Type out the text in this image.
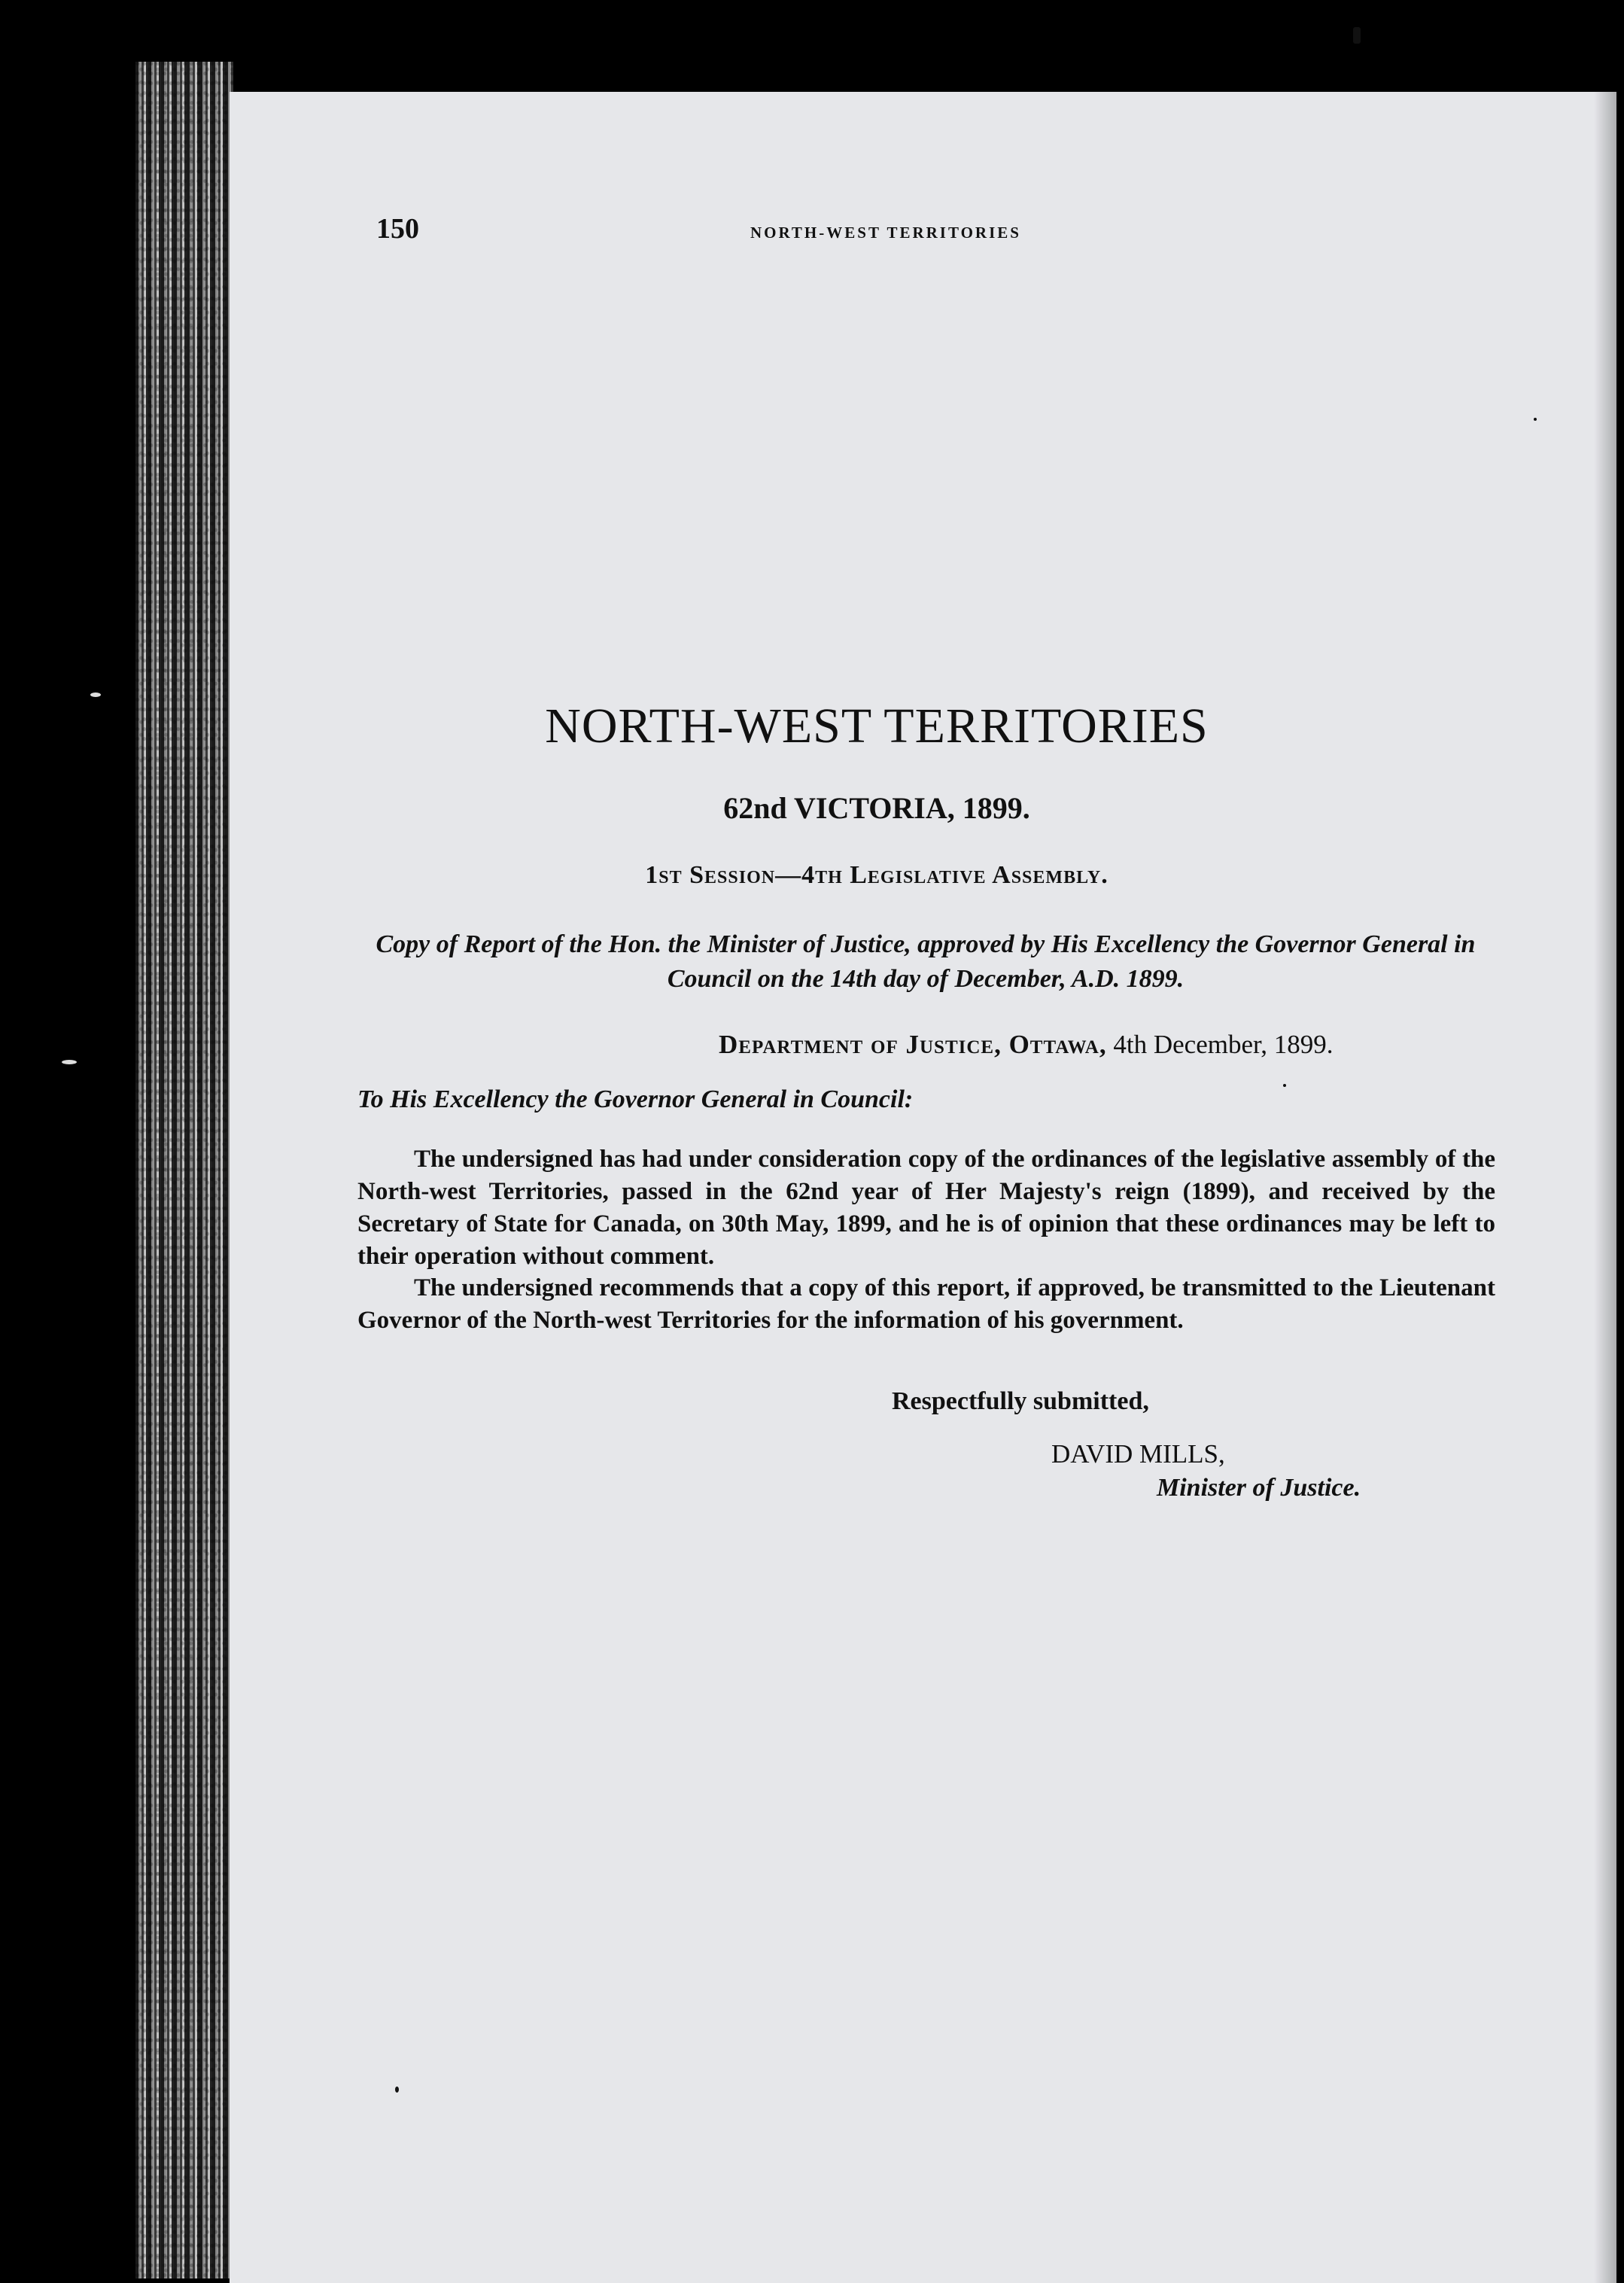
150	NORTH-WEST TERRITORIES

NORTH-WEST TERRITORIES

62nd VICTORIA, 1899.

1st Session—4th Legislative Assembly.

Copy of Report of the Hon. the Minister of Justice, approved by His Excellency the Governor General in Council on the 14th day of December, A.D. 1899.

Department of Justice, Ottawa, 4th December, 1899.

To His Excellency the Governor General in Council:

The undersigned has had under consideration copy of the ordinances of the legislative assembly of the North-west Territories, passed in the 62nd year of Her Majesty's reign (1899), and received by the Secretary of State for Canada, on 30th May, 1899, and he is of opinion that these ordinances may be left to their operation without comment.

The undersigned recommends that a copy of this report, if approved, be transmitted to the Lieutenant Governor of the North-west Territories for the information of his government.

Respectfully submitted,

DAVID MILLS,

Minister of Justice.
